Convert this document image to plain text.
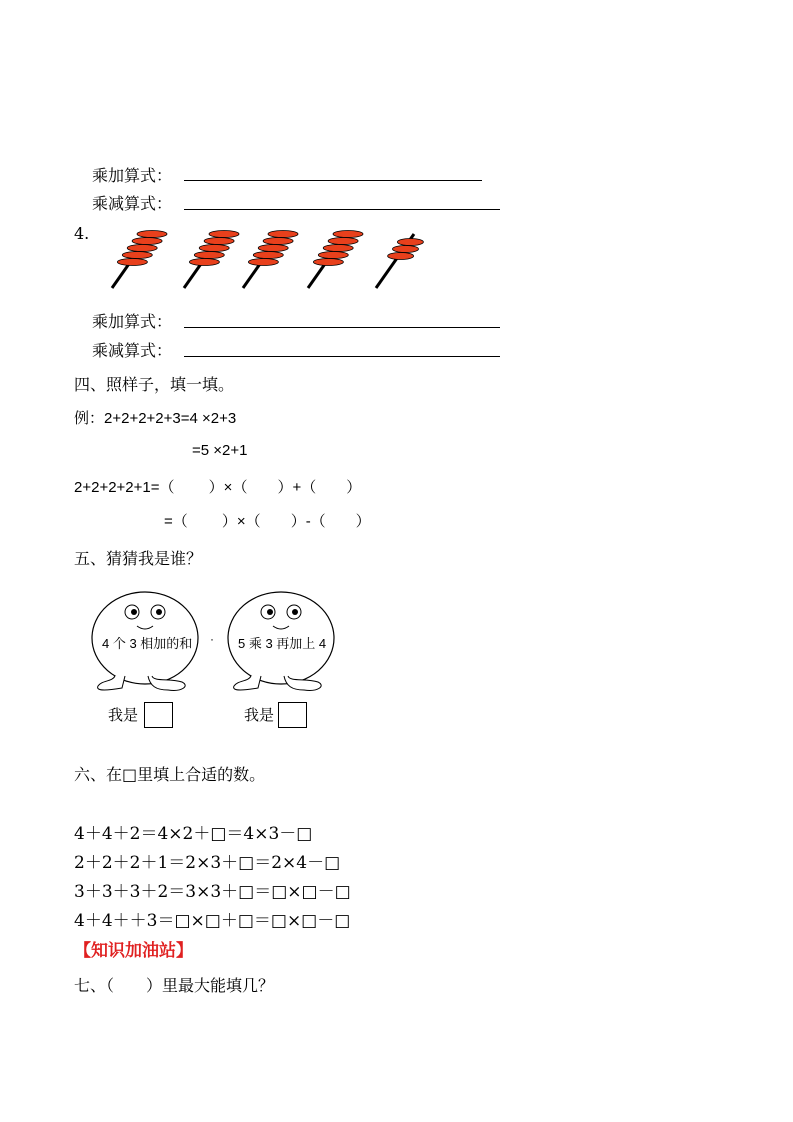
乘加算式：
乘减算式：
4.
乘加算式：
乘减算式：
四、照样子，填一填。
例：2+2+2+2+3=4 ×2+3
=5 ×2+1
2+2+2+2+1=（　　 ）×（　　）+（　　）
=（　　 ）×（　　）-（　　）
五、猜猜我是谁？
4 个 3 相加的和 · 5 乘 3 再加上 4
我是	我是
六、在□里填上合适的数。
4＋4＋2＝4×2＋□＝4×3－□
2＋2＋2＋1＝2×3＋□＝2×4－□
3＋3＋3＋2＝3×3＋□＝□×□－□
4＋4＋＋3＝□×□＋□＝□×□－□
【知识加油站】
七、（　　）里最大能填几？
